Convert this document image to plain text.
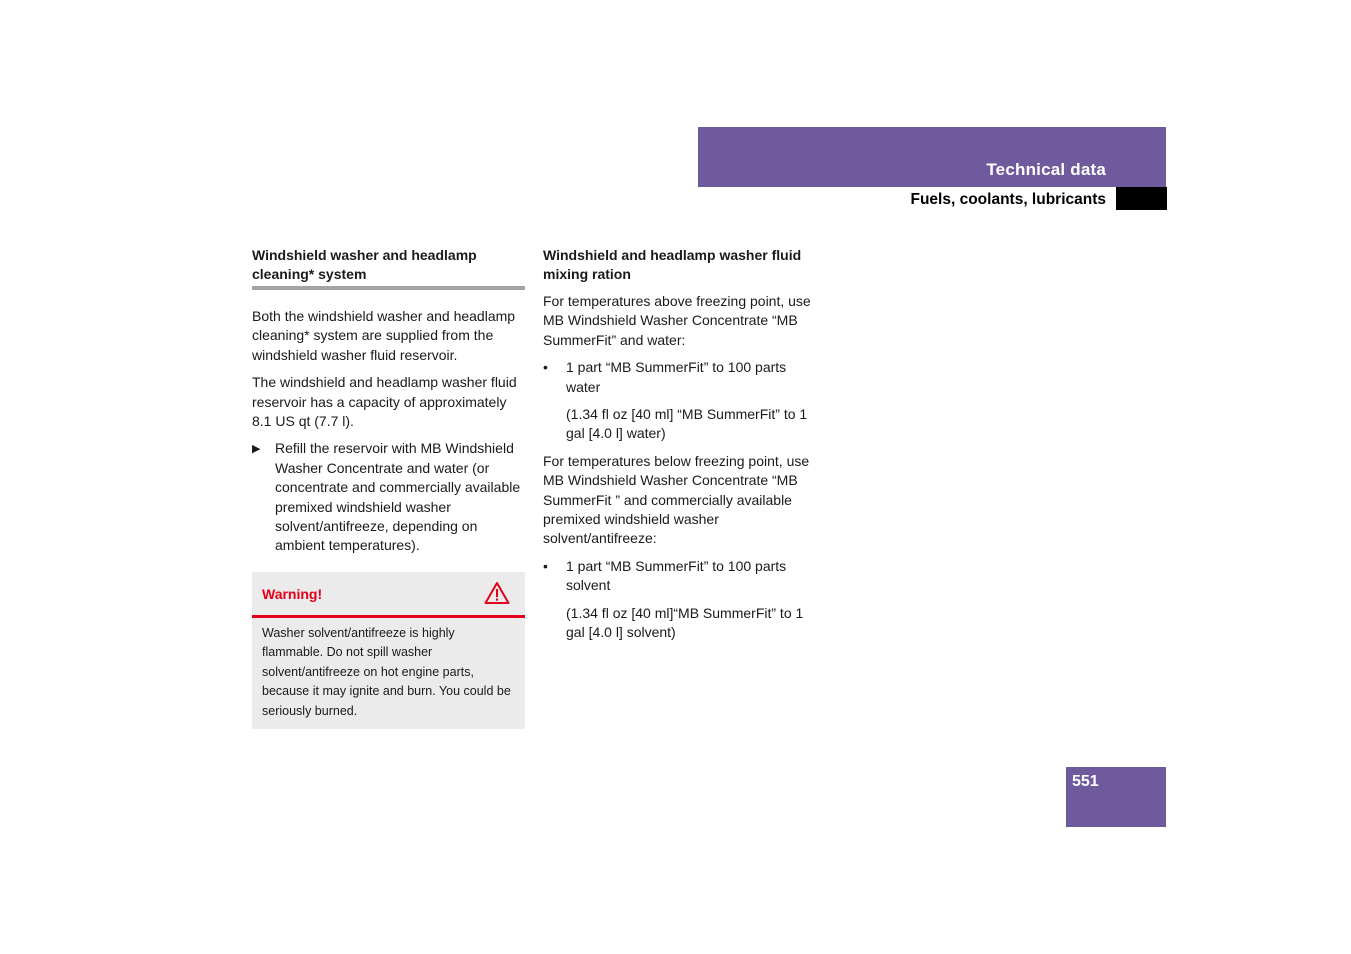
Technical data
Fuels, coolants, lubricants
Windshield washer and headlamp cleaning* system

Both the windshield washer and headlamp cleaning* system are supplied from the windshield washer fluid reservoir.

The windshield and headlamp washer fluid reservoir has a capacity of approximately 8.1 US qt (7.7 l).

▶ Refill the reservoir with MB Windshield Washer Concentrate and water (or concentrate and commercially available premixed windshield washer solvent/antifreeze, depending on ambient temperatures).
Warning!
Washer solvent/antifreeze is highly flammable. Do not spill washer solvent/antifreeze on hot engine parts, because it may ignite and burn. You could be seriously burned.
Windshield and headlamp washer fluid mixing ration

For temperatures above freezing point, use MB Windshield Washer Concentrate “MB SummerFit” and water:

• 1 part “MB SummerFit” to 100 parts water

(1.34 fl oz [40 ml] “MB SummerFit” to 1 gal [4.0 l] water)

For temperatures below freezing point, use MB Windshield Washer Concentrate “MB SummerFit ” and commercially available premixed windshield washer solvent/antifreeze:

• 1 part “MB SummerFit” to 100 parts solvent

(1.34 fl oz [40 ml]“MB SummerFit” to 1 gal [4.0 l] solvent)

551
